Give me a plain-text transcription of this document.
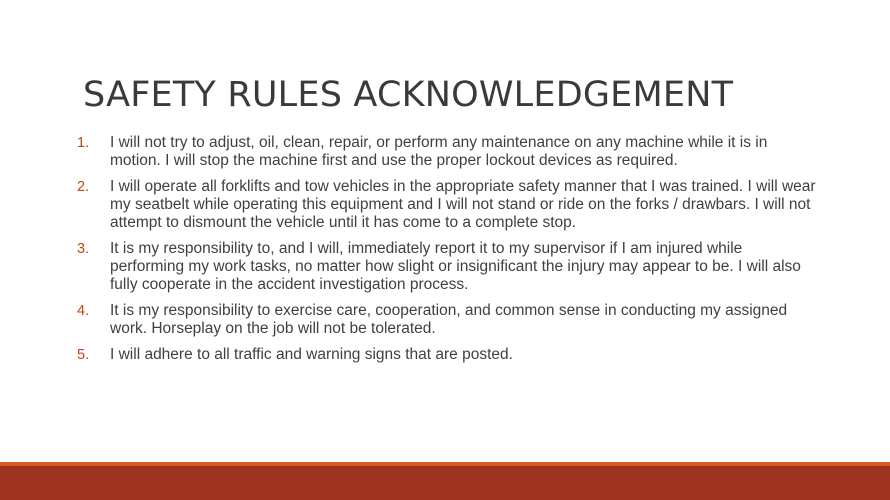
SAFETY RULES ACKNOWLEDGEMENT
1.	I will not try to adjust, oil, clean, repair, or perform any maintenance on any machine while it is in motion. I will stop the machine first and use the proper lockout devices as required.
2.	I will operate all forklifts and tow vehicles in the appropriate safety manner that I was trained. I will wear my seatbelt while operating this equipment and I will not stand or ride on the forks / drawbars. I will not attempt to dismount the vehicle until it has come to a complete stop.
3.	It is my responsibility to, and I will, immediately report it to my supervisor if I am injured while performing my work tasks, no matter how slight or insignificant the injury may appear to be. I will also fully cooperate in the accident investigation process.
4.	It is my responsibility to exercise care, cooperation, and common sense in conducting my assigned work. Horseplay on the job will not be tolerated.
5.	I will adhere to all traffic and warning signs that are posted.
